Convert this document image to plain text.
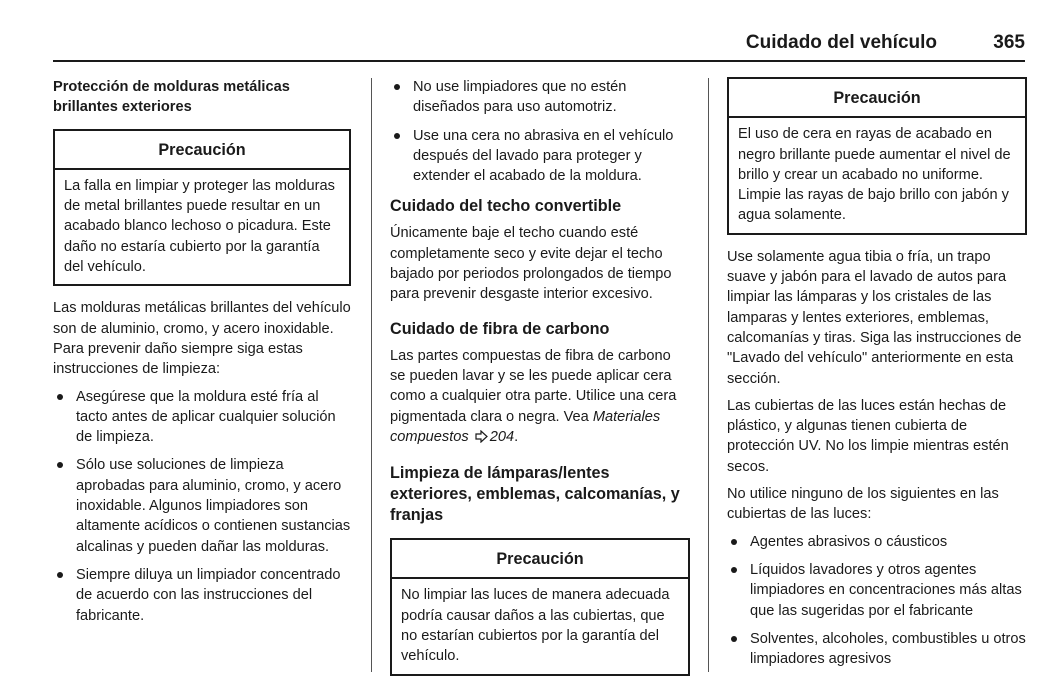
Cuidado del vehículo	365

Protección de molduras metálicas
brillantes exteriores

Precaución
La falla en limpiar y proteger las molduras de metal brillantes puede resultar en un acabado blanco lechoso o picadura. Este daño no estaría cubierto por la garantía del vehículo.

Las molduras metálicas brillantes del vehículo son de aluminio, cromo, y acero inoxidable. Para prevenir daño siempre siga estas instrucciones de limpieza:

Asegúrese que la moldura esté fría al tacto antes de aplicar cualquier solución de limpieza.
Sólo use soluciones de limpieza aprobadas para aluminio, cromo, y acero inoxidable. Algunos limpiadores son altamente acídicos o contienen sustancias alcalinas y pueden dañar las molduras.
Siempre diluya un limpiador concentrado de acuerdo con las instrucciones del fabricante.
No use limpiadores que no estén diseñados para uso automotriz.
Use una cera no abrasiva en el vehículo después del lavado para proteger y extender el acabado de la moldura.
Cuidado del techo convertible

Únicamente baje el techo cuando esté completamente seco y evite dejar el techo bajado por periodos prolongados de tiempo para prevenir desgaste interior excesivo.

Cuidado de fibra de carbono

Las partes compuestas de fibra de carbono se pueden lavar y se les puede aplicar cera como a cualquier otra parte. Utilice una cera pigmentada clara o negra. Vea Materiales compuestos 204.

Limpieza de lámparas/lentes exteriores, emblemas, calcomanías, y franjas
Precaución
No limpiar las luces de manera adecuada podría causar daños a las cubiertas, que no estarían cubiertos por la garantía del vehículo.
Precaución
El uso de cera en rayas de acabado en negro brillante puede aumentar el nivel de brillo y crear un acabado no uniforme. Limpie las rayas de bajo brillo con jabón y agua solamente.

Use solamente agua tibia o fría, un trapo suave y jabón para el lavado de autos para limpiar las lámparas y los cristales de las lamparas y lentes exteriores, emblemas, calcomanías y tiras. Siga las instrucciones de "Lavado del vehículo" anteriormente en esta sección.

Las cubiertas de las luces están hechas de plástico, y algunas tienen cubierta de protección UV. No los limpie mientras estén secos.

No utilice ninguno de los siguientes en las cubiertas de las luces:

Agentes abrasivos o cáusticos
Líquidos lavadores y otros agentes limpiadores en concentraciones más altas que las sugeridas por el fabricante
Solventes, alcoholes, combustibles u otros limpiadores agresivos
